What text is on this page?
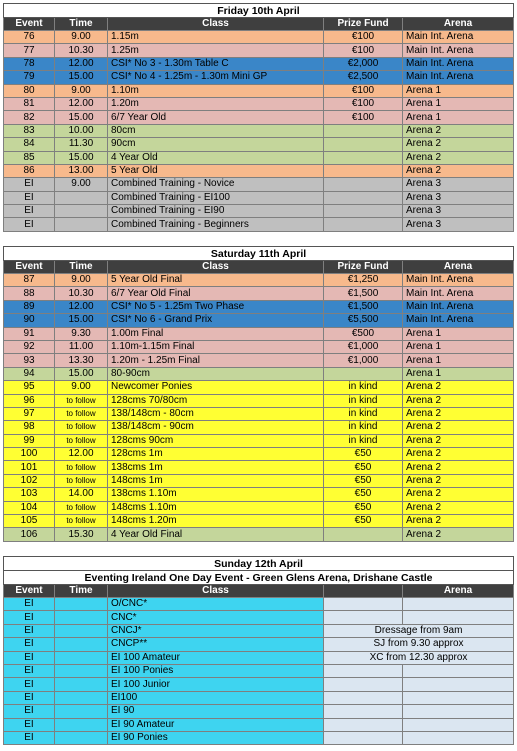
Friday 10th April				
Event	Time	Class	Prize Fund	Arena
76	9.00	1.15m	€100	Main Int. Arena
77	10.30	1.25m	€100	Main Int. Arena
78	12.00	CSI* No 3 - 1.30m Table C	€2,000	Main Int. Arena
79	15.00	CSI* No 4 - 1.25m - 1.30m Mini GP	€2,500	Main Int. Arena
80	9.00	1.10m	€100	Arena 1
81	12.00	1.20m	€100	Arena 1
82	15.00	6/7 Year Old	€100	Arena 1
83	10.00	80cm		Arena 2
84	11.30	90cm		Arena 2
85	15.00	4 Year Old		Arena 2
86	13.00	5 Year Old		Arena 2
EI	9.00	Combined Training - Novice		Arena 3
EI		Combined Training - EI100		Arena 3
EI		Combined Training - EI90		Arena 3
EI		Combined Training - Beginners		Arena 3
Saturday 11th April				
Event	Time	Class	Prize Fund	Arena
87	9.00	5 Year Old Final	€1,250	Main Int. Arena
88	10.30	6/7 Year Old Final	€1,500	Main Int. Arena
89	12.00	CSI* No 5 - 1.25m Two Phase	€1,500	Main Int. Arena
90	15.00	CSI* No 6 - Grand Prix	€5,500	Main Int. Arena
91	9.30	1.00m Final	€500	Arena 1
92	11.00	1.10m-1.15m Final	€1,000	Arena 1
93	13.30	1.20m - 1.25m Final	€1,000	Arena 1
94	15.00	80-90cm		Arena 1
95	9.00	Newcomer Ponies	in kind	Arena 2
96	to follow	128cms 70/80cm	in kind	Arena 2
97	to follow	138/148cm - 80cm	in kind	Arena 2
98	to follow	138/148cm - 90cm	in kind	Arena 2
99	to follow	128cms 90cm	in kind	Arena 2
100	12.00	128cms 1m	€50	Arena 2
101	to follow	138cms 1m	€50	Arena 2
102	to follow	148cms 1m	€50	Arena 2
103	14.00	138cms 1.10m	€50	Arena 2
104	to follow	148cms 1.10m	€50	Arena 2
105	to follow	148cms 1.20m	€50	Arena 2
106	15.30	4 Year Old Final		Arena 2
Sunday 12th April				
Eventing Ireland One Day Event - Green Glens Arena, Drishane Castle				
Event	Time	Class		Arena
EI		O/CNC*		
EI		CNC*		
EI		CNCJ*	Dressage from 9am	
EI		CNCP**	SJ from 9.30 approx	
EI		EI 100 Amateur	XC from 12.30 approx	
EI		EI 100 Ponies		
EI		EI 100 Junior		
EI		EI100		
EI		EI 90		
EI		EI 90 Amateur		
EI		EI 90 Ponies		
